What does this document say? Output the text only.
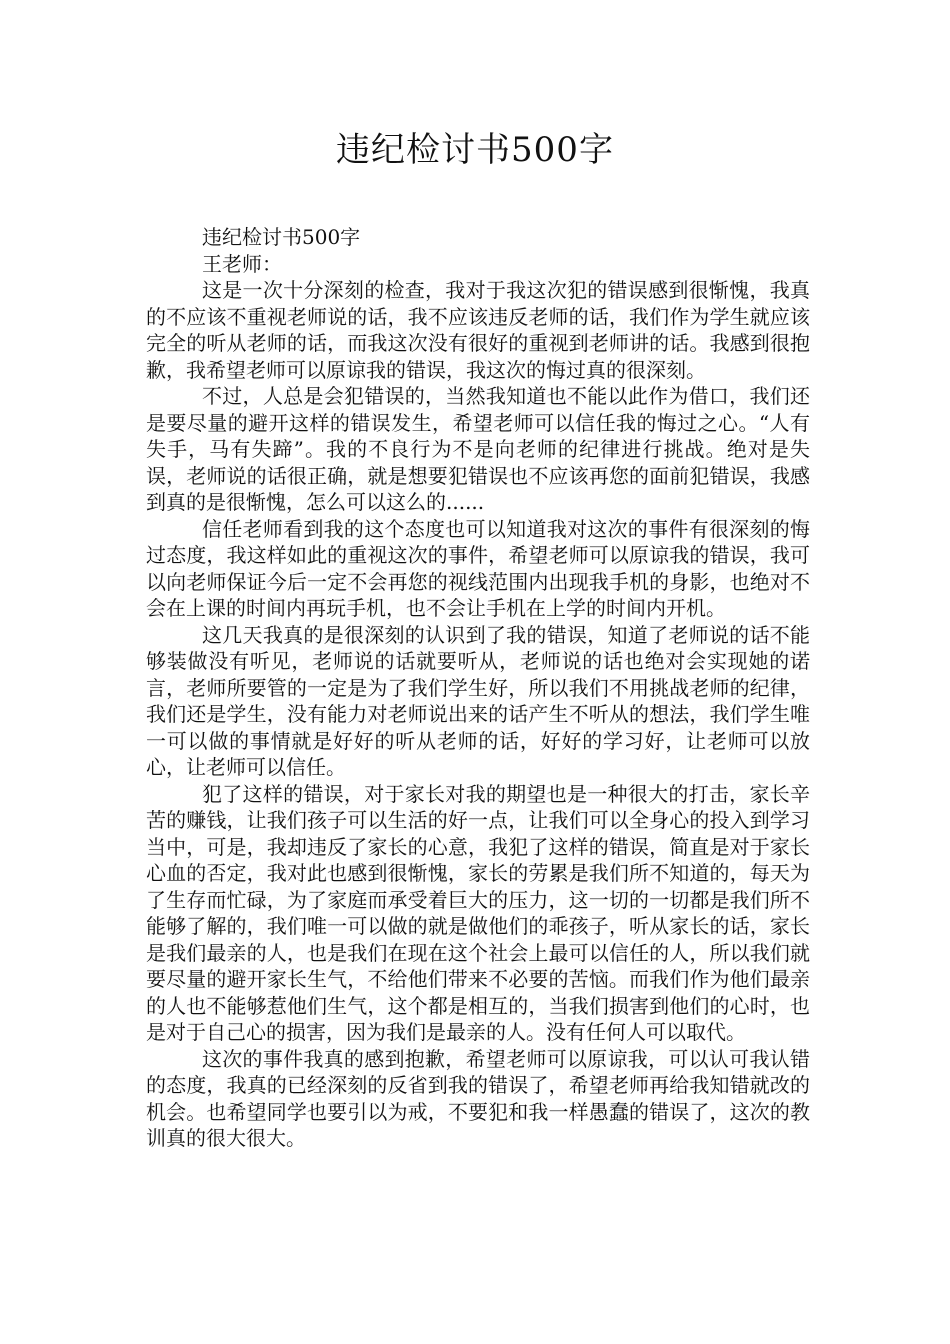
违纪检讨书500字

违纪检讨书500字

王老师：

这是一次十分深刻的检查，我对于我这次犯的错误感到很惭愧，我真的不应该不重视老师说的话，我不应该违反老师的话，我们作为学生就应该完全的听从老师的话，而我这次没有很好的重视到老师讲的话。我感到很抱歉，我希望老师可以原谅我的错误，我这次的悔过真的很深刻。

不过，人总是会犯错误的，当然我知道也不能以此作为借口，我们还是要尽量的避开这样的错误发生，希望老师可以信任我的悔过之心。“人有失手，马有失蹄”。我的不良行为不是向老师的纪律进行挑战。绝对是失误，老师说的话很正确，就是想要犯错误也不应该再您的面前犯错误，我感到真的是很惭愧，怎么可以这么的......

信任老师看到我的这个态度也可以知道我对这次的事件有很深刻的悔过态度，我这样如此的重视这次的事件，希望老师可以原谅我的错误，我可以向老师保证今后一定不会再您的视线范围内出现我手机的身影，也绝对不会在上课的时间内再玩手机，也不会让手机在上学的时间内开机。

这几天我真的是很深刻的认识到了我的错误，知道了老师说的话不能够装做没有听见，老师说的话就要听从，老师说的话也绝对会实现她的诺言，老师所要管的一定是为了我们学生好，所以我们不用挑战老师的纪律，我们还是学生，没有能力对老师说出来的话产生不听从的想法，我们学生唯一可以做的事情就是好好的听从老师的话，好好的学习好，让老师可以放心，让老师可以信任。

犯了这样的错误，对于家长对我的期望也是一种很大的打击，家长辛苦的赚钱，让我们孩子可以生活的好一点，让我们可以全身心的投入到学习当中，可是，我却违反了家长的心意，我犯了这样的错误，简直是对于家长心血的否定，我对此也感到很惭愧，家长的劳累是我们所不知道的，每天为了生存而忙碌，为了家庭而承受着巨大的压力，这一切的一切都是我们所不能够了解的，我们唯一可以做的就是做他们的乖孩子，听从家长的话，家长是我们最亲的人，也是我们在现在这个社会上最可以信任的人，所以我们就要尽量的避开家长生气，不给他们带来不必要的苦恼。而我们作为他们最亲的人也不能够惹他们生气，这个都是相互的，当我们损害到他们的心时，也是对于自己心的损害，因为我们是最亲的人。没有任何人可以取代。

这次的事件我真的感到抱歉，希望老师可以原谅我，可以认可我认错的态度，我真的已经深刻的反省到我的错误了，希望老师再给我知错就改的机会。也希望同学也要引以为戒，不要犯和我一样愚蠢的错误了，这次的教训真的很大很大。
